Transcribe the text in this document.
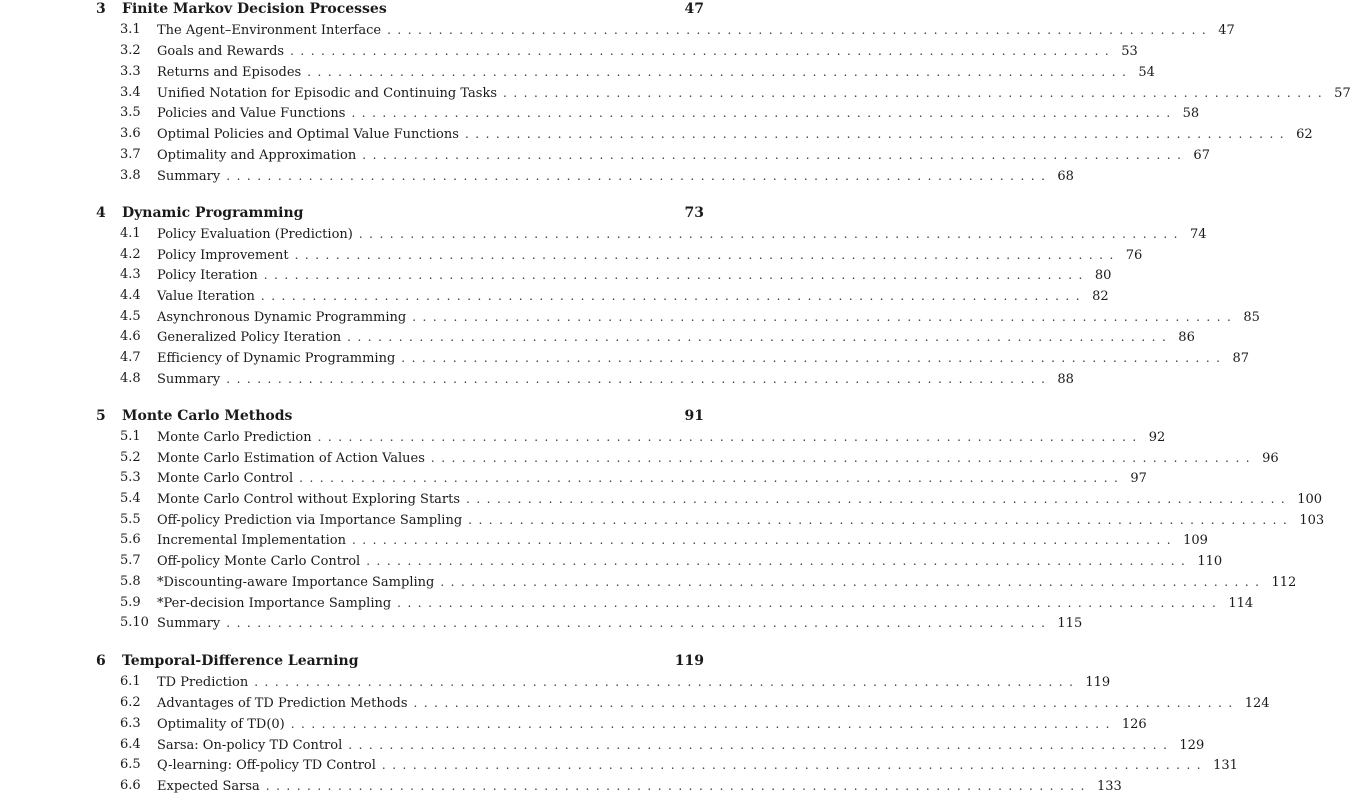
3 Finite Markov Decision Processes	47
3.1 The Agent–Environment Interface ................................................................................ 47
3.2 Goals and Rewards ................................................................................ 53
3.3 Returns and Episodes ................................................................................ 54
3.4 Unified Notation for Episodic and Continuing Tasks ................................................................................ 57
3.5 Policies and Value Functions ................................................................................ 58
3.6 Optimal Policies and Optimal Value Functions ................................................................................ 62
3.7 Optimality and Approximation ................................................................................ 67
3.8 Summary ................................................................................ 68
4 Dynamic Programming	73
4.1 Policy Evaluation (Prediction) ................................................................................ 74
4.2 Policy Improvement ................................................................................ 76
4.3 Policy Iteration ................................................................................ 80
4.4 Value Iteration ................................................................................ 82
4.5 Asynchronous Dynamic Programming ................................................................................ 85
4.6 Generalized Policy Iteration ................................................................................ 86
4.7 Efficiency of Dynamic Programming ................................................................................ 87
4.8 Summary ................................................................................ 88
5 Monte Carlo Methods	91
5.1 Monte Carlo Prediction ................................................................................ 92
5.2 Monte Carlo Estimation of Action Values ................................................................................ 96
5.3 Monte Carlo Control ................................................................................ 97
5.4 Monte Carlo Control without Exploring Starts ................................................................................ 100
5.5 Off-policy Prediction via Importance Sampling ................................................................................ 103
5.6 Incremental Implementation ................................................................................ 109
5.7 Off-policy Monte Carlo Control ................................................................................ 110
5.8 *Discounting-aware Importance Sampling ................................................................................ 112
5.9 *Per-decision Importance Sampling ................................................................................ 114
5.10 Summary ................................................................................ 115
6 Temporal-Difference Learning	119
6.1 TD Prediction ................................................................................ 119
6.2 Advantages of TD Prediction Methods ................................................................................ 124
6.3 Optimality of TD(0) ................................................................................ 126
6.4 Sarsa: On-policy TD Control ................................................................................ 129
6.5 Q-learning: Off-policy TD Control ................................................................................ 131
6.6 Expected Sarsa ................................................................................ 133
